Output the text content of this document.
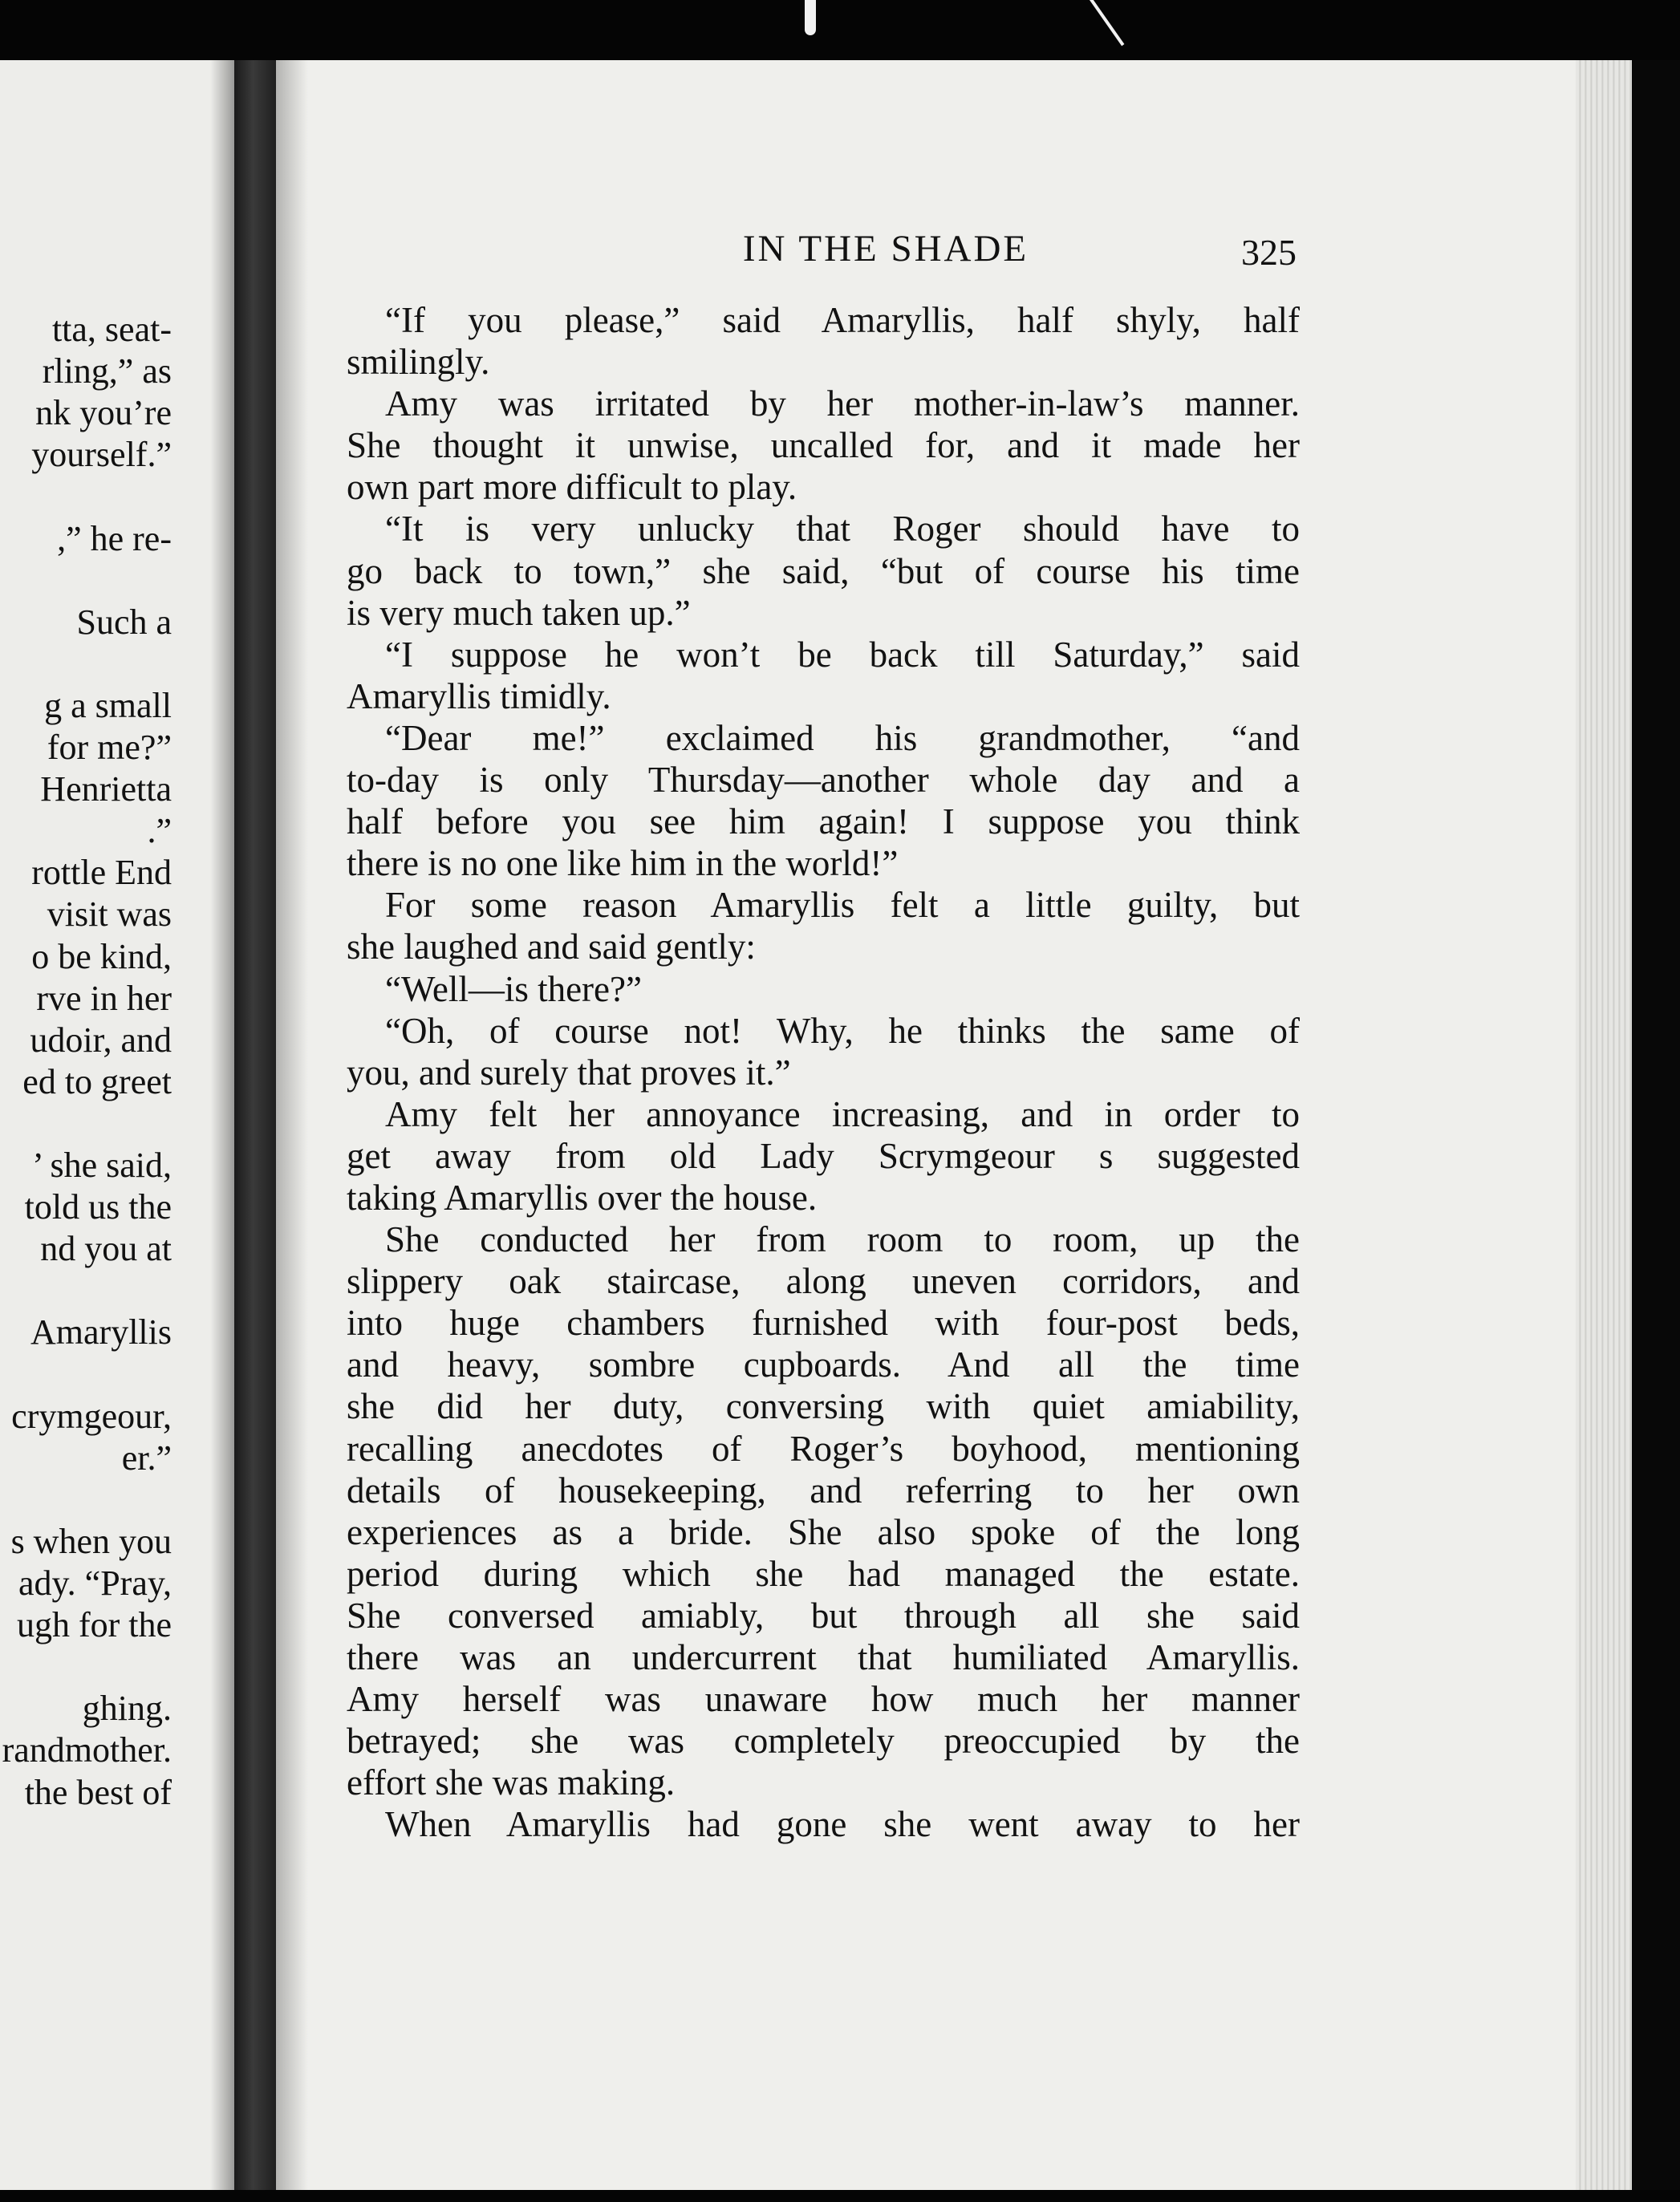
tta, seat-
rling,” as
nk you’re
yourself.”
,” he re-
Such a
g a small
for me?”
Henrietta
.”
rottle End
visit was
o be kind,
rve in her
udoir, and
ed to greet
’ she said,
told us the
nd you at
Amaryllis
crymgeour,
er.”
s when you
ady. “Pray,
ugh for the
ghing.
randmother.
the best of
IN THE SHADE	325
“If you please,” said Amaryllis, half shyly, half
smilingly.
Amy was irritated by her mother-in-law’s manner.
She thought it unwise, uncalled for, and it made her
own part more difficult to play.
“It is very unlucky that Roger should have to
go back to town,” she said, “but of course his time
is very much taken up.”
“I suppose he won’t be back till Saturday,” said
Amaryllis timidly.
“Dear me!” exclaimed his grandmother, “and
to-day is only Thursday—another whole day and a
half before you see him again! I suppose you think
there is no one like him in the world!”
For some reason Amaryllis felt a little guilty, but
she laughed and said gently:
“Well—is there?”
“Oh, of course not! Why, he thinks the same of
you, and surely that proves it.”
Amy felt her annoyance increasing, and in order to
get away from old Lady Scrymgeour s suggested
taking Amaryllis over the house.
She conducted her from room to room, up the
slippery oak staircase, along uneven corridors, and
into huge chambers furnished with four-post beds,
and heavy, sombre cupboards. And all the time
she did her duty, conversing with quiet amiability,
recalling anecdotes of Roger’s boyhood, mentioning
details of housekeeping, and referring to her own
experiences as a bride. She also spoke of the long
period during which she had managed the estate.
She conversed amiably, but through all she said
there was an undercurrent that humiliated Amaryllis.
Amy herself was unaware how much her manner
betrayed; she was completely preoccupied by the
effort she was making.
When Amaryllis had gone she went away to her
